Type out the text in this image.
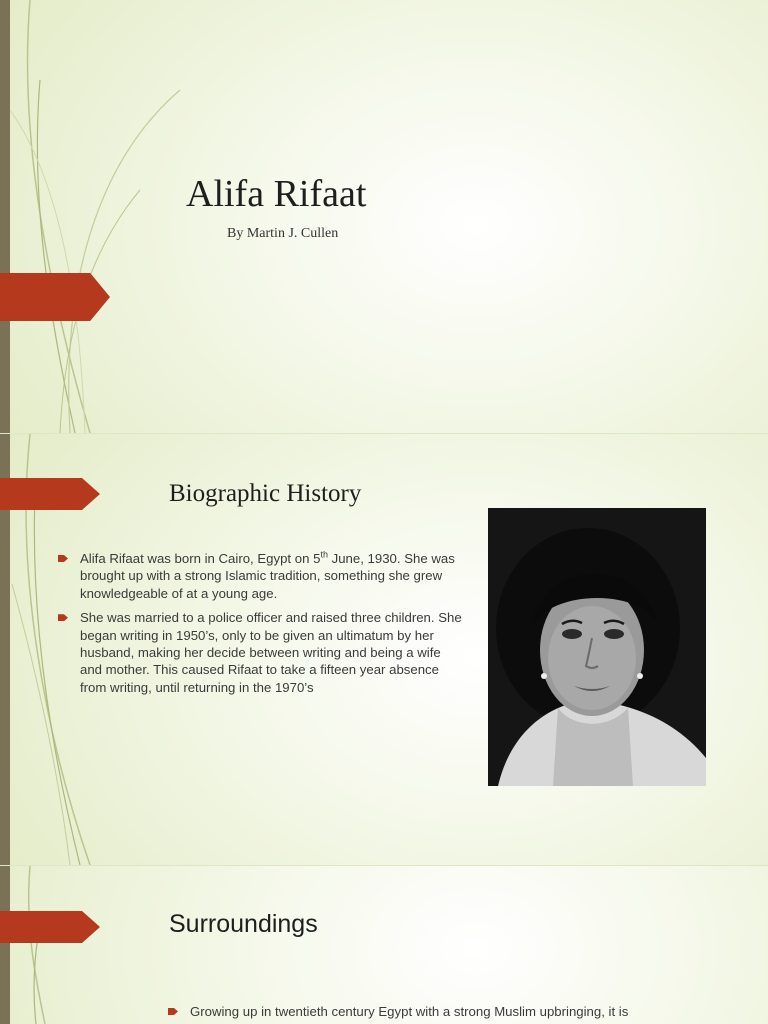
Alifa Rifaat
By Martin J. Cullen
Biographic History
Alifa Rifaat was born in Cairo, Egypt on 5th June, 1930. She was brought up with a strong Islamic tradition, something she grew knowledgeable of at a young age.
She was married to a police officer and raised three children. She began writing in 1950’s, only to be given an ultimatum by her husband, making her decide between writing and being a wife and mother. This caused Rifaat to take a fifteen year absence from writing, until returning in the 1970’s
Surroundings
Growing up in twentieth century Egypt with a strong Muslim upbringing, it is
